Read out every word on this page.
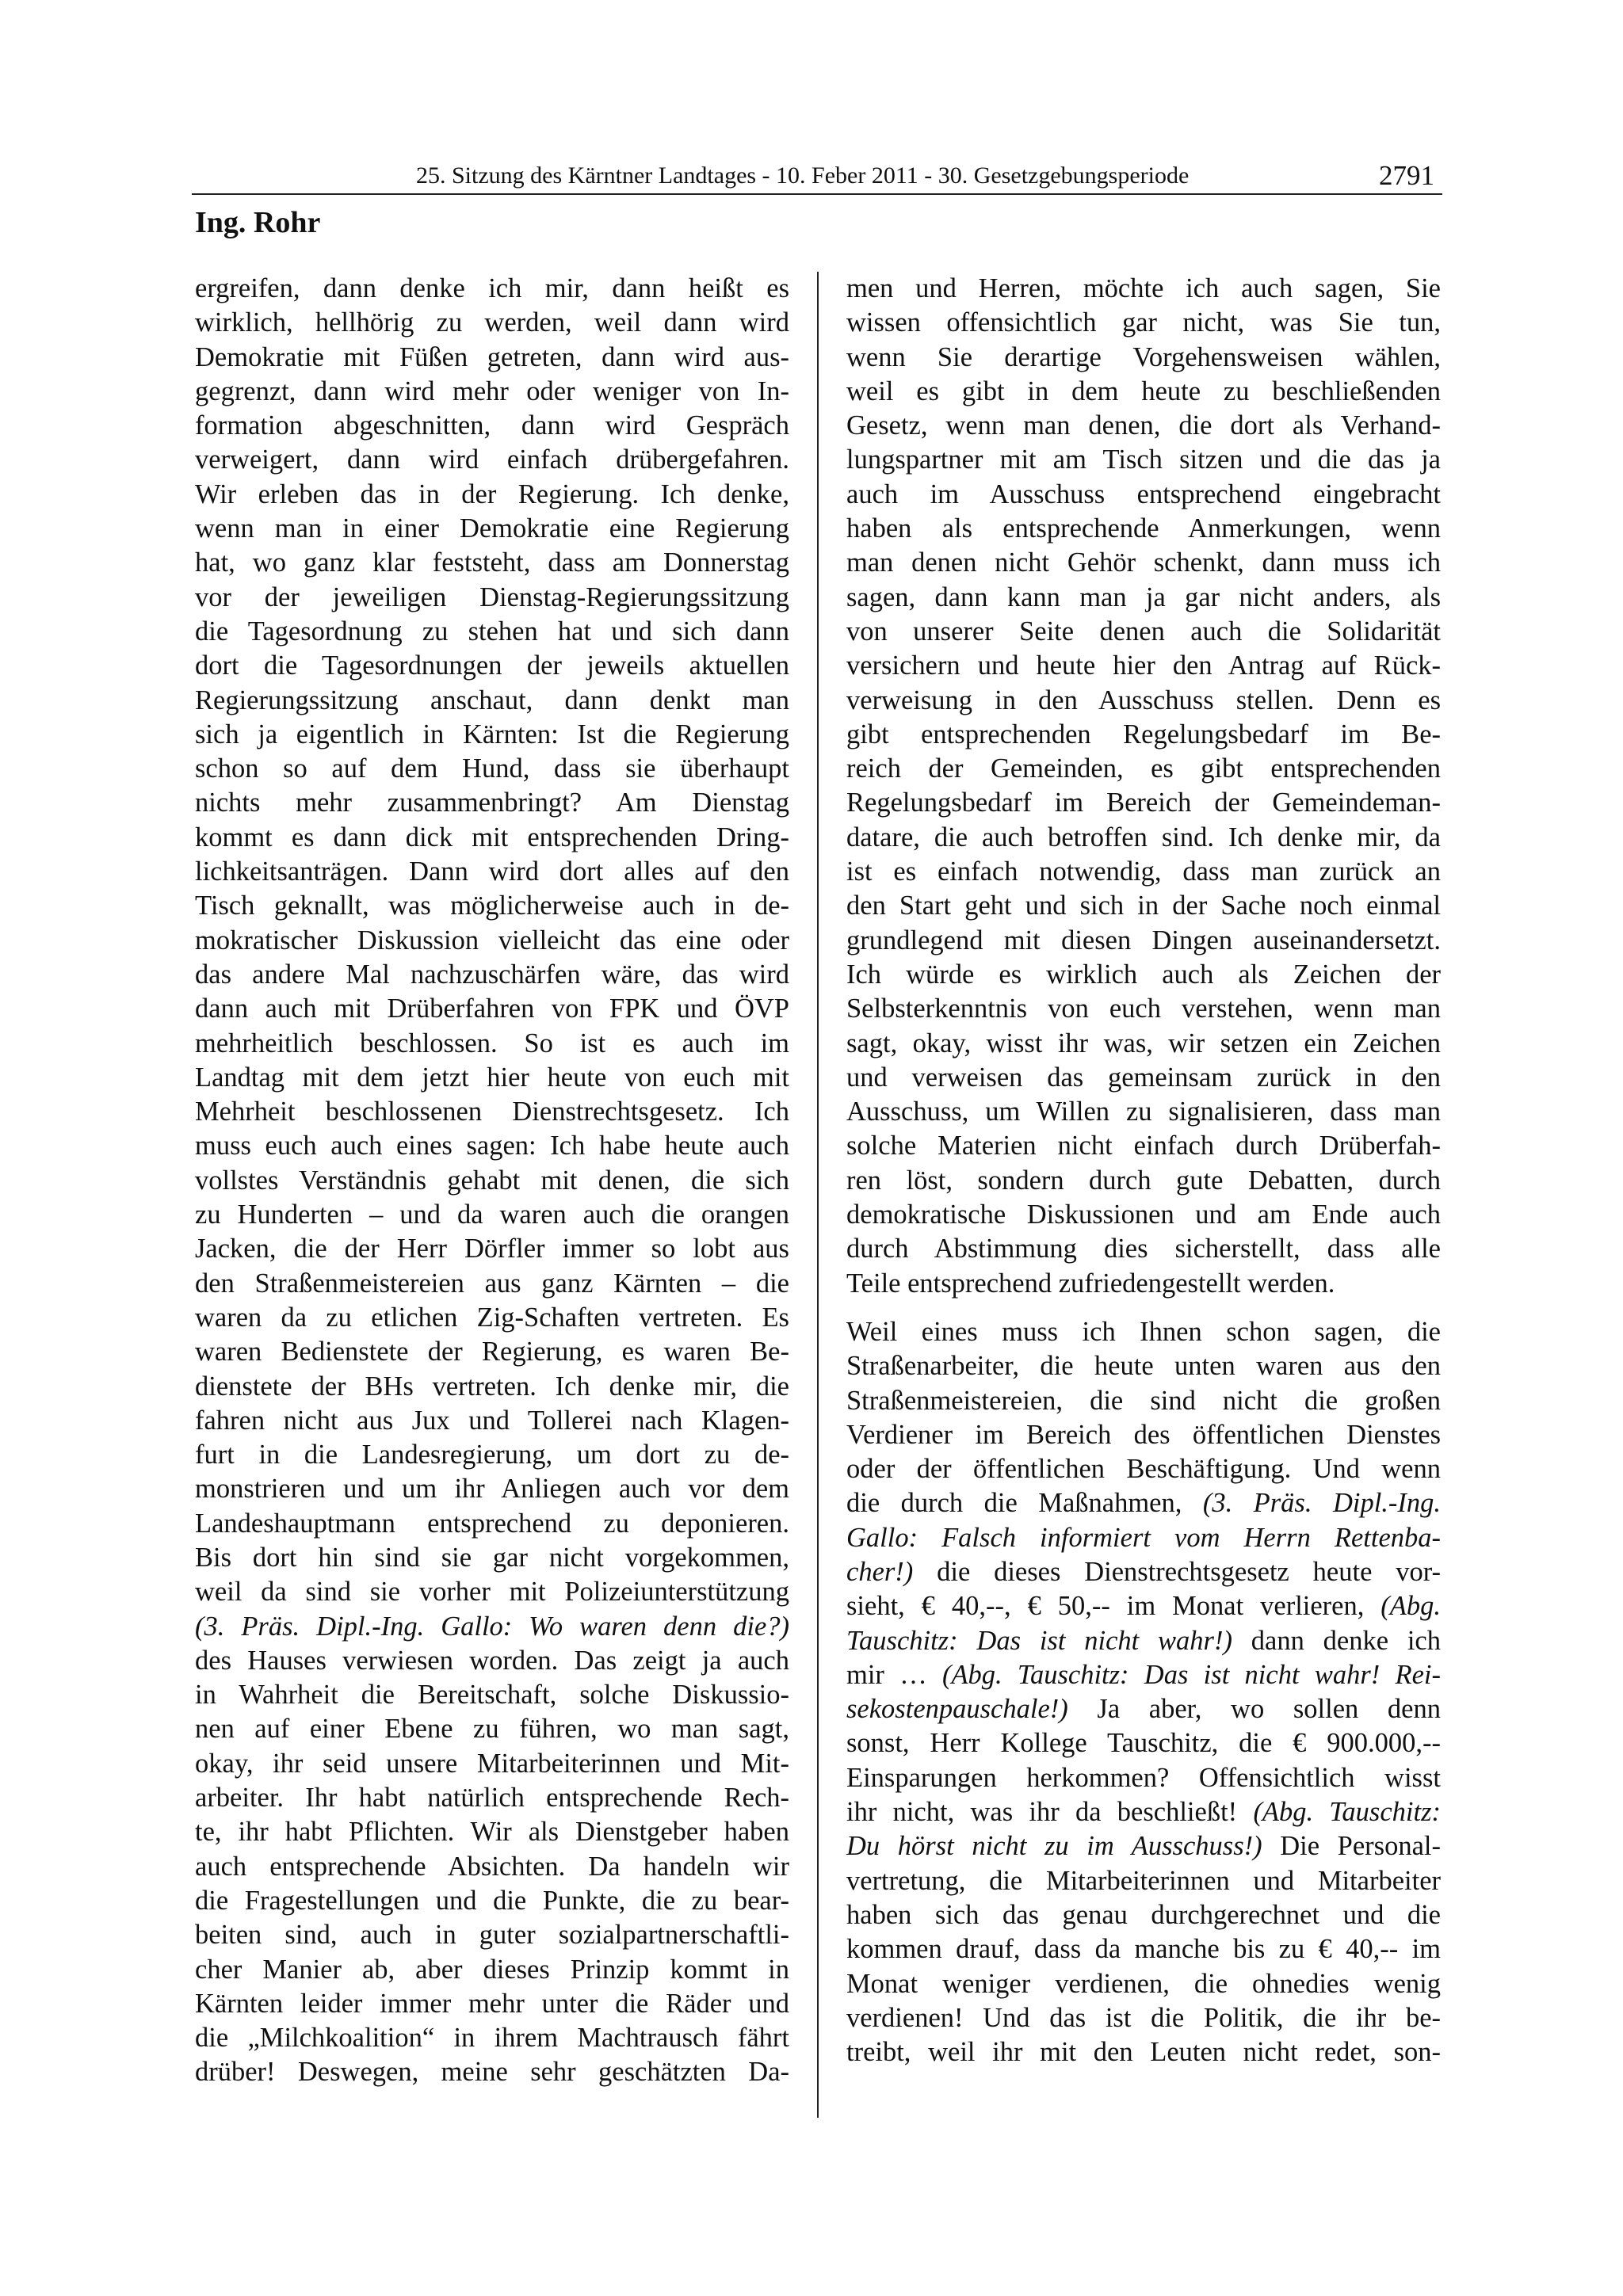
25. Sitzung des Kärntner Landtages - 10. Feber 2011 - 30. Gesetzgebungsperiode	2791
Ing. Rohr
ergreifen, dann denke ich mir, dann heißt es
wirklich, hellhörig zu werden, weil dann wird
Demokratie mit Füßen getreten, dann wird aus-
gegrenzt, dann wird mehr oder weniger von In-
formation abgeschnitten, dann wird Gespräch
verweigert, dann wird einfach drübergefahren.
Wir erleben das in der Regierung. Ich denke,
wenn man in einer Demokratie eine Regierung
hat, wo ganz klar feststeht, dass am Donnerstag
vor der jeweiligen Dienstag-Regierungssitzung
die Tagesordnung zu stehen hat und sich dann
dort die Tagesordnungen der jeweils aktuellen
Regierungssitzung anschaut, dann denkt man
sich ja eigentlich in Kärnten: Ist die Regierung
schon so auf dem Hund, dass sie überhaupt
nichts mehr zusammenbringt? Am Dienstag
kommt es dann dick mit entsprechenden Dring-
lichkeitsanträgen. Dann wird dort alles auf den
Tisch geknallt, was möglicherweise auch in de-
mokratischer Diskussion vielleicht das eine oder
das andere Mal nachzuschärfen wäre, das wird
dann auch mit Drüberfahren von FPK und ÖVP
mehrheitlich beschlossen. So ist es auch im
Landtag mit dem jetzt hier heute von euch mit
Mehrheit beschlossenen Dienstrechtsgesetz. Ich
muss euch auch eines sagen: Ich habe heute auch
vollstes Verständnis gehabt mit denen, die sich
zu Hunderten – und da waren auch die orangen
Jacken, die der Herr Dörfler immer so lobt aus
den Straßenmeistereien aus ganz Kärnten – die
waren da zu etlichen Zig-Schaften vertreten. Es
waren Bedienstete der Regierung, es waren Be-
dienstete der BHs vertreten. Ich denke mir, die
fahren nicht aus Jux und Tollerei nach Klagen-
furt in die Landesregierung, um dort zu de-
monstrieren und um ihr Anliegen auch vor dem
Landeshauptmann entsprechend zu deponieren.
Bis dort hin sind sie gar nicht vorgekommen,
weil da sind sie vorher mit Polizeiunterstützung
(3. Präs. Dipl.-Ing. Gallo: Wo waren denn die?)
des Hauses verwiesen worden. Das zeigt ja auch
in Wahrheit die Bereitschaft, solche Diskussio-
nen auf einer Ebene zu führen, wo man sagt,
okay, ihr seid unsere Mitarbeiterinnen und Mit-
arbeiter. Ihr habt natürlich entsprechende Rech-
te, ihr habt Pflichten. Wir als Dienstgeber haben
auch entsprechende Absichten. Da handeln wir
die Fragestellungen und die Punkte, die zu bear-
beiten sind, auch in guter sozialpartnerschaftli-
cher Manier ab, aber dieses Prinzip kommt in
Kärnten leider immer mehr unter die Räder und
die „Milchkoalition“ in ihrem Machtrausch fährt
drüber! Deswegen, meine sehr geschätzten Da-
men und Herren, möchte ich auch sagen, Sie
wissen offensichtlich gar nicht, was Sie tun,
wenn Sie derartige Vorgehensweisen wählen,
weil es gibt in dem heute zu beschließenden
Gesetz, wenn man denen, die dort als Verhand-
lungspartner mit am Tisch sitzen und die das ja
auch im Ausschuss entsprechend eingebracht
haben als entsprechende Anmerkungen, wenn
man denen nicht Gehör schenkt, dann muss ich
sagen, dann kann man ja gar nicht anders, als
von unserer Seite denen auch die Solidarität
versichern und heute hier den Antrag auf Rück-
verweisung in den Ausschuss stellen. Denn es
gibt entsprechenden Regelungsbedarf im Be-
reich der Gemeinden, es gibt entsprechenden
Regelungsbedarf im Bereich der Gemeindeman-
datare, die auch betroffen sind. Ich denke mir, da
ist es einfach notwendig, dass man zurück an
den Start geht und sich in der Sache noch einmal
grundlegend mit diesen Dingen auseinandersetzt.
Ich würde es wirklich auch als Zeichen der
Selbsterkenntnis von euch verstehen, wenn man
sagt, okay, wisst ihr was, wir setzen ein Zeichen
und verweisen das gemeinsam zurück in den
Ausschuss, um Willen zu signalisieren, dass man
solche Materien nicht einfach durch Drüberfah-
ren löst, sondern durch gute Debatten, durch
demokratische Diskussionen und am Ende auch
durch Abstimmung dies sicherstellt, dass alle
Teile entsprechend zufriedengestellt werden.
Weil eines muss ich Ihnen schon sagen, die
Straßenarbeiter, die heute unten waren aus den
Straßenmeistereien, die sind nicht die großen
Verdiener im Bereich des öffentlichen Dienstes
oder der öffentlichen Beschäftigung. Und wenn
die durch die Maßnahmen, (3. Präs. Dipl.-Ing.
Gallo: Falsch informiert vom Herrn Rettenba-
cher!) die dieses Dienstrechtsgesetz heute vor-
sieht, € 40,--, € 50,-- im Monat verlieren, (Abg.
Tauschitz: Das ist nicht wahr!) dann denke ich
mir … (Abg. Tauschitz: Das ist nicht wahr! Rei-
sekostenpauschale!) Ja aber, wo sollen denn
sonst, Herr Kollege Tauschitz, die € 900.000,--
Einsparungen herkommen? Offensichtlich wisst
ihr nicht, was ihr da beschließt! (Abg. Tauschitz:
Du hörst nicht zu im Ausschuss!) Die Personal-
vertretung, die Mitarbeiterinnen und Mitarbeiter
haben sich das genau durchgerechnet und die
kommen drauf, dass da manche bis zu € 40,-- im
Monat weniger verdienen, die ohnedies wenig
verdienen! Und das ist die Politik, die ihr be-
treibt, weil ihr mit den Leuten nicht redet, son-
